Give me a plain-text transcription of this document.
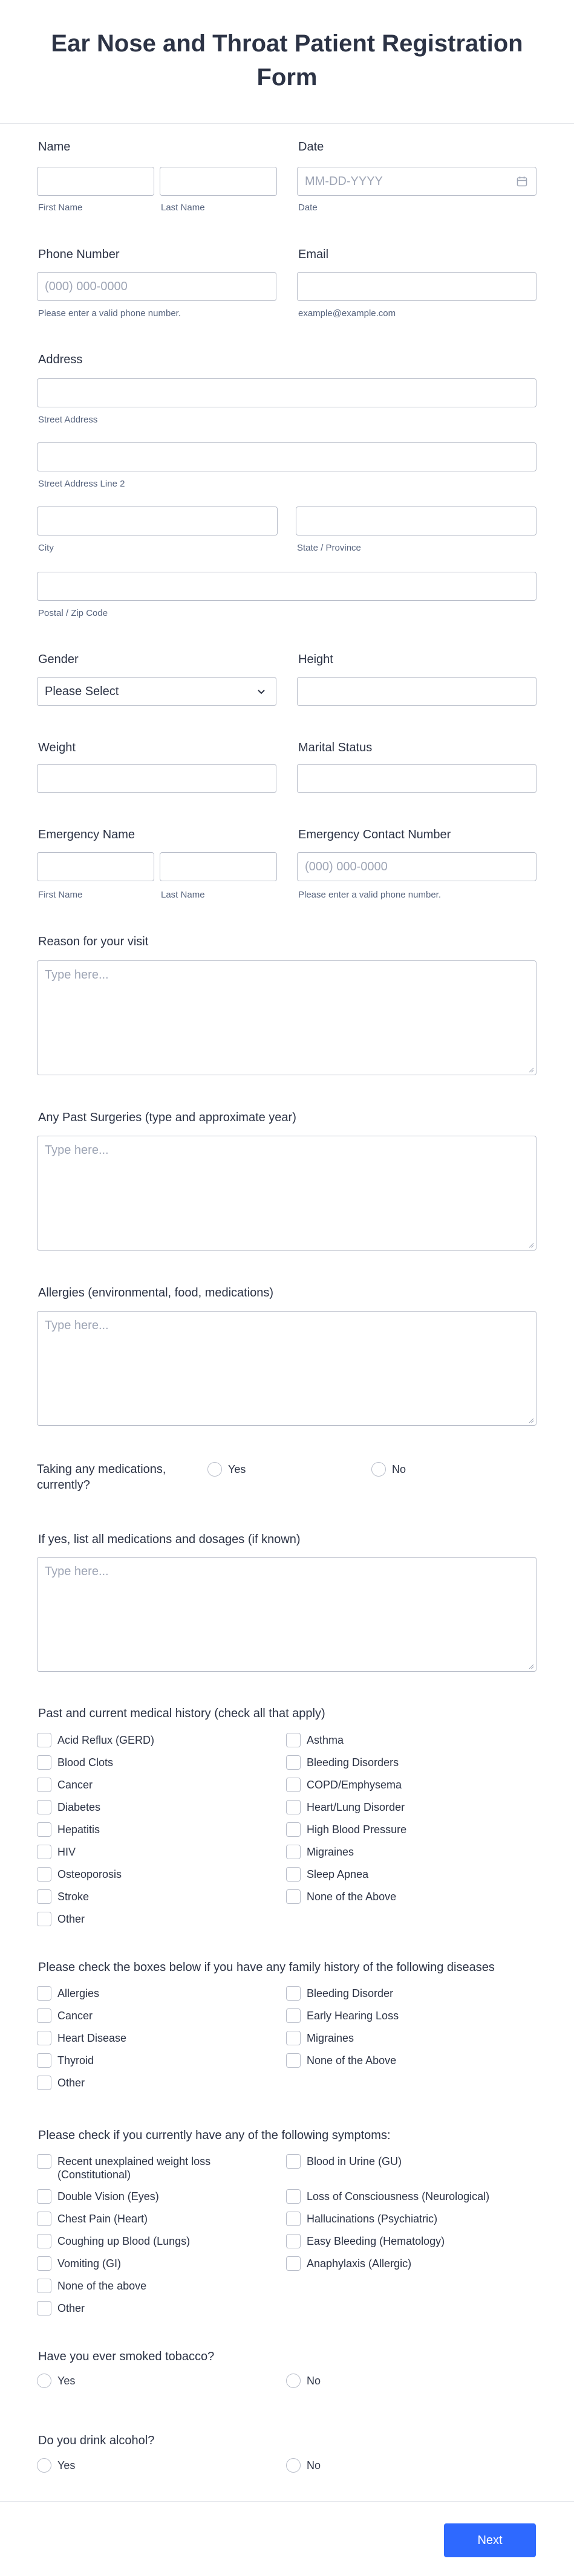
Ear Nose and Throat Patient Registration Form
Name
First Name	Last Name
Date
MM-DD-YYYY
Date
Phone Number
(000) 000-0000
Please enter a valid phone number.
Email
example@example.com
Address
Street Address
Street Address Line 2
City	State / Province
Postal / Zip Code
Gender
Please Select
Height
Weight	Marital Status
Emergency Name
First Name	Last Name
Emergency Contact Number
(000) 000-0000
Please enter a valid phone number.
Reason for your visit
Type here...
Any Past Surgeries (type and approximate year)
Type here...
Allergies (environmental, food, medications)
Type here...
Taking any medications, currently?
Yes	No
If yes, list all medications and dosages (if known)
Type here...
Past and current medical history (check all that apply)
Acid Reflux (GERD)
Blood Clots
Cancer
Diabetes
Hepatitis
HIV
Osteoporosis
Stroke
Other
Asthma
Bleeding Disorders
COPD/Emphysema
Heart/Lung Disorder
High Blood Pressure
Migraines
Sleep Apnea
None of the Above
Please check the boxes below if you have any family history of the following diseases
Allergies
Cancer
Heart Disease
Thyroid
Other
Bleeding Disorder
Early Hearing Loss
Migraines
None of the Above
Please check if you currently have any of the following symptoms:
Recent unexplained weight loss (Constitutional)
Double Vision (Eyes)
Chest Pain (Heart)
Coughing up Blood (Lungs)
Vomiting (GI)
None of the above
Other
Blood in Urine (GU)
Loss of Consciousness (Neurological)
Hallucinations (Psychiatric)
Easy Bleeding (Hematology)
Anaphylaxis (Allergic)
Have you ever smoked tobacco?
Yes	No
Do you drink alcohol?
Yes	No
Next
